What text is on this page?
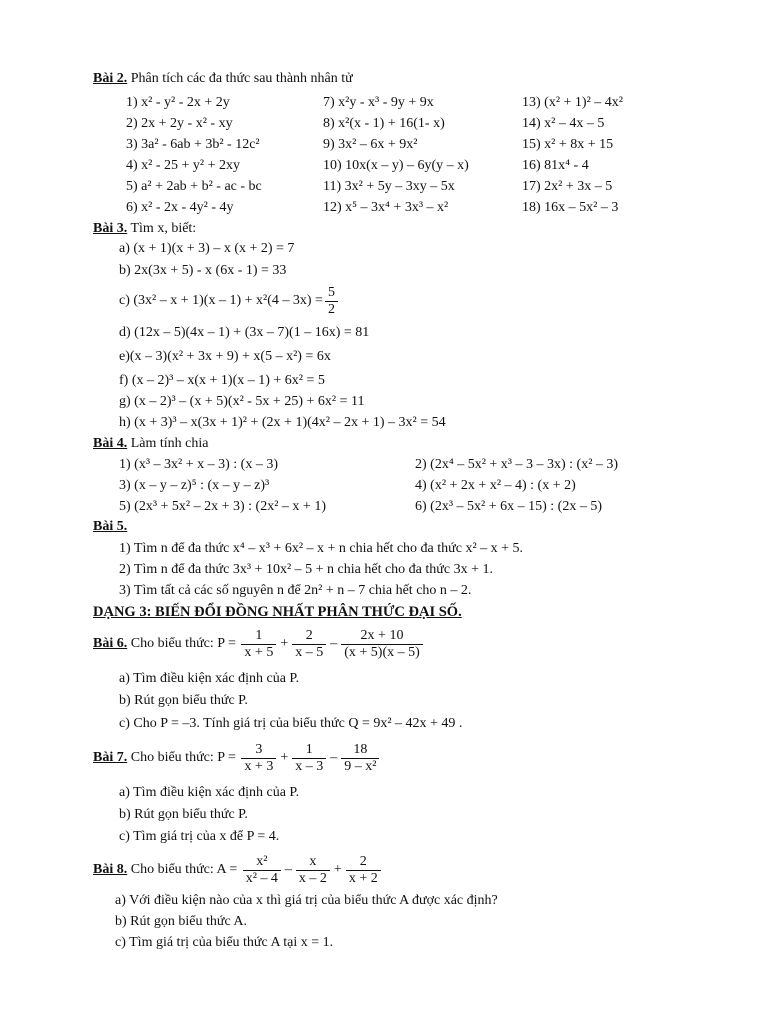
Bài 2. Phân tích các đa thức sau thành nhân tử
1) x² - y² - 2x + 2y	7) x²y - x³ - 9y + 9x	13) (x² + 1)² – 4x²
2) 2x + 2y - x² - xy	8) x²(x - 1) + 16(1- x)	14) x² – 4x – 5
3) 3a² - 6ab + 3b² - 12c²	9) 3x² – 6x + 9x²	15) x² + 8x + 15
4) x² - 25 + y² + 2xy	10) 10x(x – y) – 6y(y – x)	16) 81x⁴ - 4
5) a² + 2ab + b² - ac - bc	11) 3x² + 5y – 3xy – 5x	17) 2x² + 3x – 5
6) x² - 2x - 4y² - 4y	12) x⁵ – 3x⁴ + 3x³ – x²	18) 16x – 5x² – 3
Bài 3. Tìm x, biết:
a) (x + 1)(x + 3) – x (x + 2) = 7
b) 2x(3x + 5) - x (6x - 1) = 33
c) $(3x^2 - x + 1)(x - 1) + x^2(4 - 3x) = \frac{5}{2}$
d) (12x – 5)(4x – 1) + (3x – 7)(1 – 16x) = 81
e)(x – 3)(x² + 3x + 9) + x(5 – x²) = 6x
f) (x – 2)³ – x(x + 1)(x – 1) + 6x² = 5
g) (x – 2)³ – (x + 5)(x² - 5x + 25) + 6x² = 11
h) (x + 3)³ – x(3x + 1)² + (2x + 1)(4x² – 2x + 1) – 3x² = 54
Bài 4. Làm tính chia
1) (x³ – 3x² + x – 3) : (x – 3)	2) (2x⁴ – 5x² + x³ – 3 – 3x) : (x² – 3)
3) (x – y – z)⁵ : (x – y – z)³	4) (x² + 2x + x² – 4) : (x + 2)
5) (2x³ + 5x² – 2x + 3) : (2x² – x + 1)	6) (2x³ – 5x² + 6x – 15) : (2x – 5)
Bài 5.
1) Tìm n để đa thức x⁴ – x³ + 6x² – x + n chia hết cho đa thức x² – x + 5.
2) Tìm n để đa thức 3x³ + 10x² – 5 + n chia hết cho đa thức 3x + 1.
3) Tìm tất cả các số nguyên n để 2n² + n – 7 chia hết cho n – 2.
DẠNG 3: BIẾN ĐỔI ĐỒNG NHẤT PHÂN THỨC ĐẠI SỐ.
Bài 6. Cho biểu thức: $P = \frac{1}{x + 5} + \frac{2}{x - 5} - \frac{2x + 10}{(x + 5)(x - 5)}$
a) Tìm điều kiện xác định của P.
b) Rút gọn biểu thức P.
c) Cho P = –3. Tính giá trị của biểu thức Q = 9x² – 42x + 49 .
Bài 7. Cho biểu thức: $P = \frac{3}{x + 3} + \frac{1}{x - 3} - \frac{18}{\text{9 – x²}}$
a) Tìm điều kiện xác định của P.
b) Rút gọn biểu thức P.
c) Tìm giá trị của x để P = 4.
Bài 8. Cho biểu thức: $A = \frac{\text{x²}}{\text{x² – 4}} - \frac{x}{x - 2} + \frac{2}{x + 2}$
a) Với điều kiện nào của x thì giá trị của biểu thức A được xác định?
b) Rút gọn biểu thức A.
c) Tìm giá trị của biểu thức A tại x = 1.
